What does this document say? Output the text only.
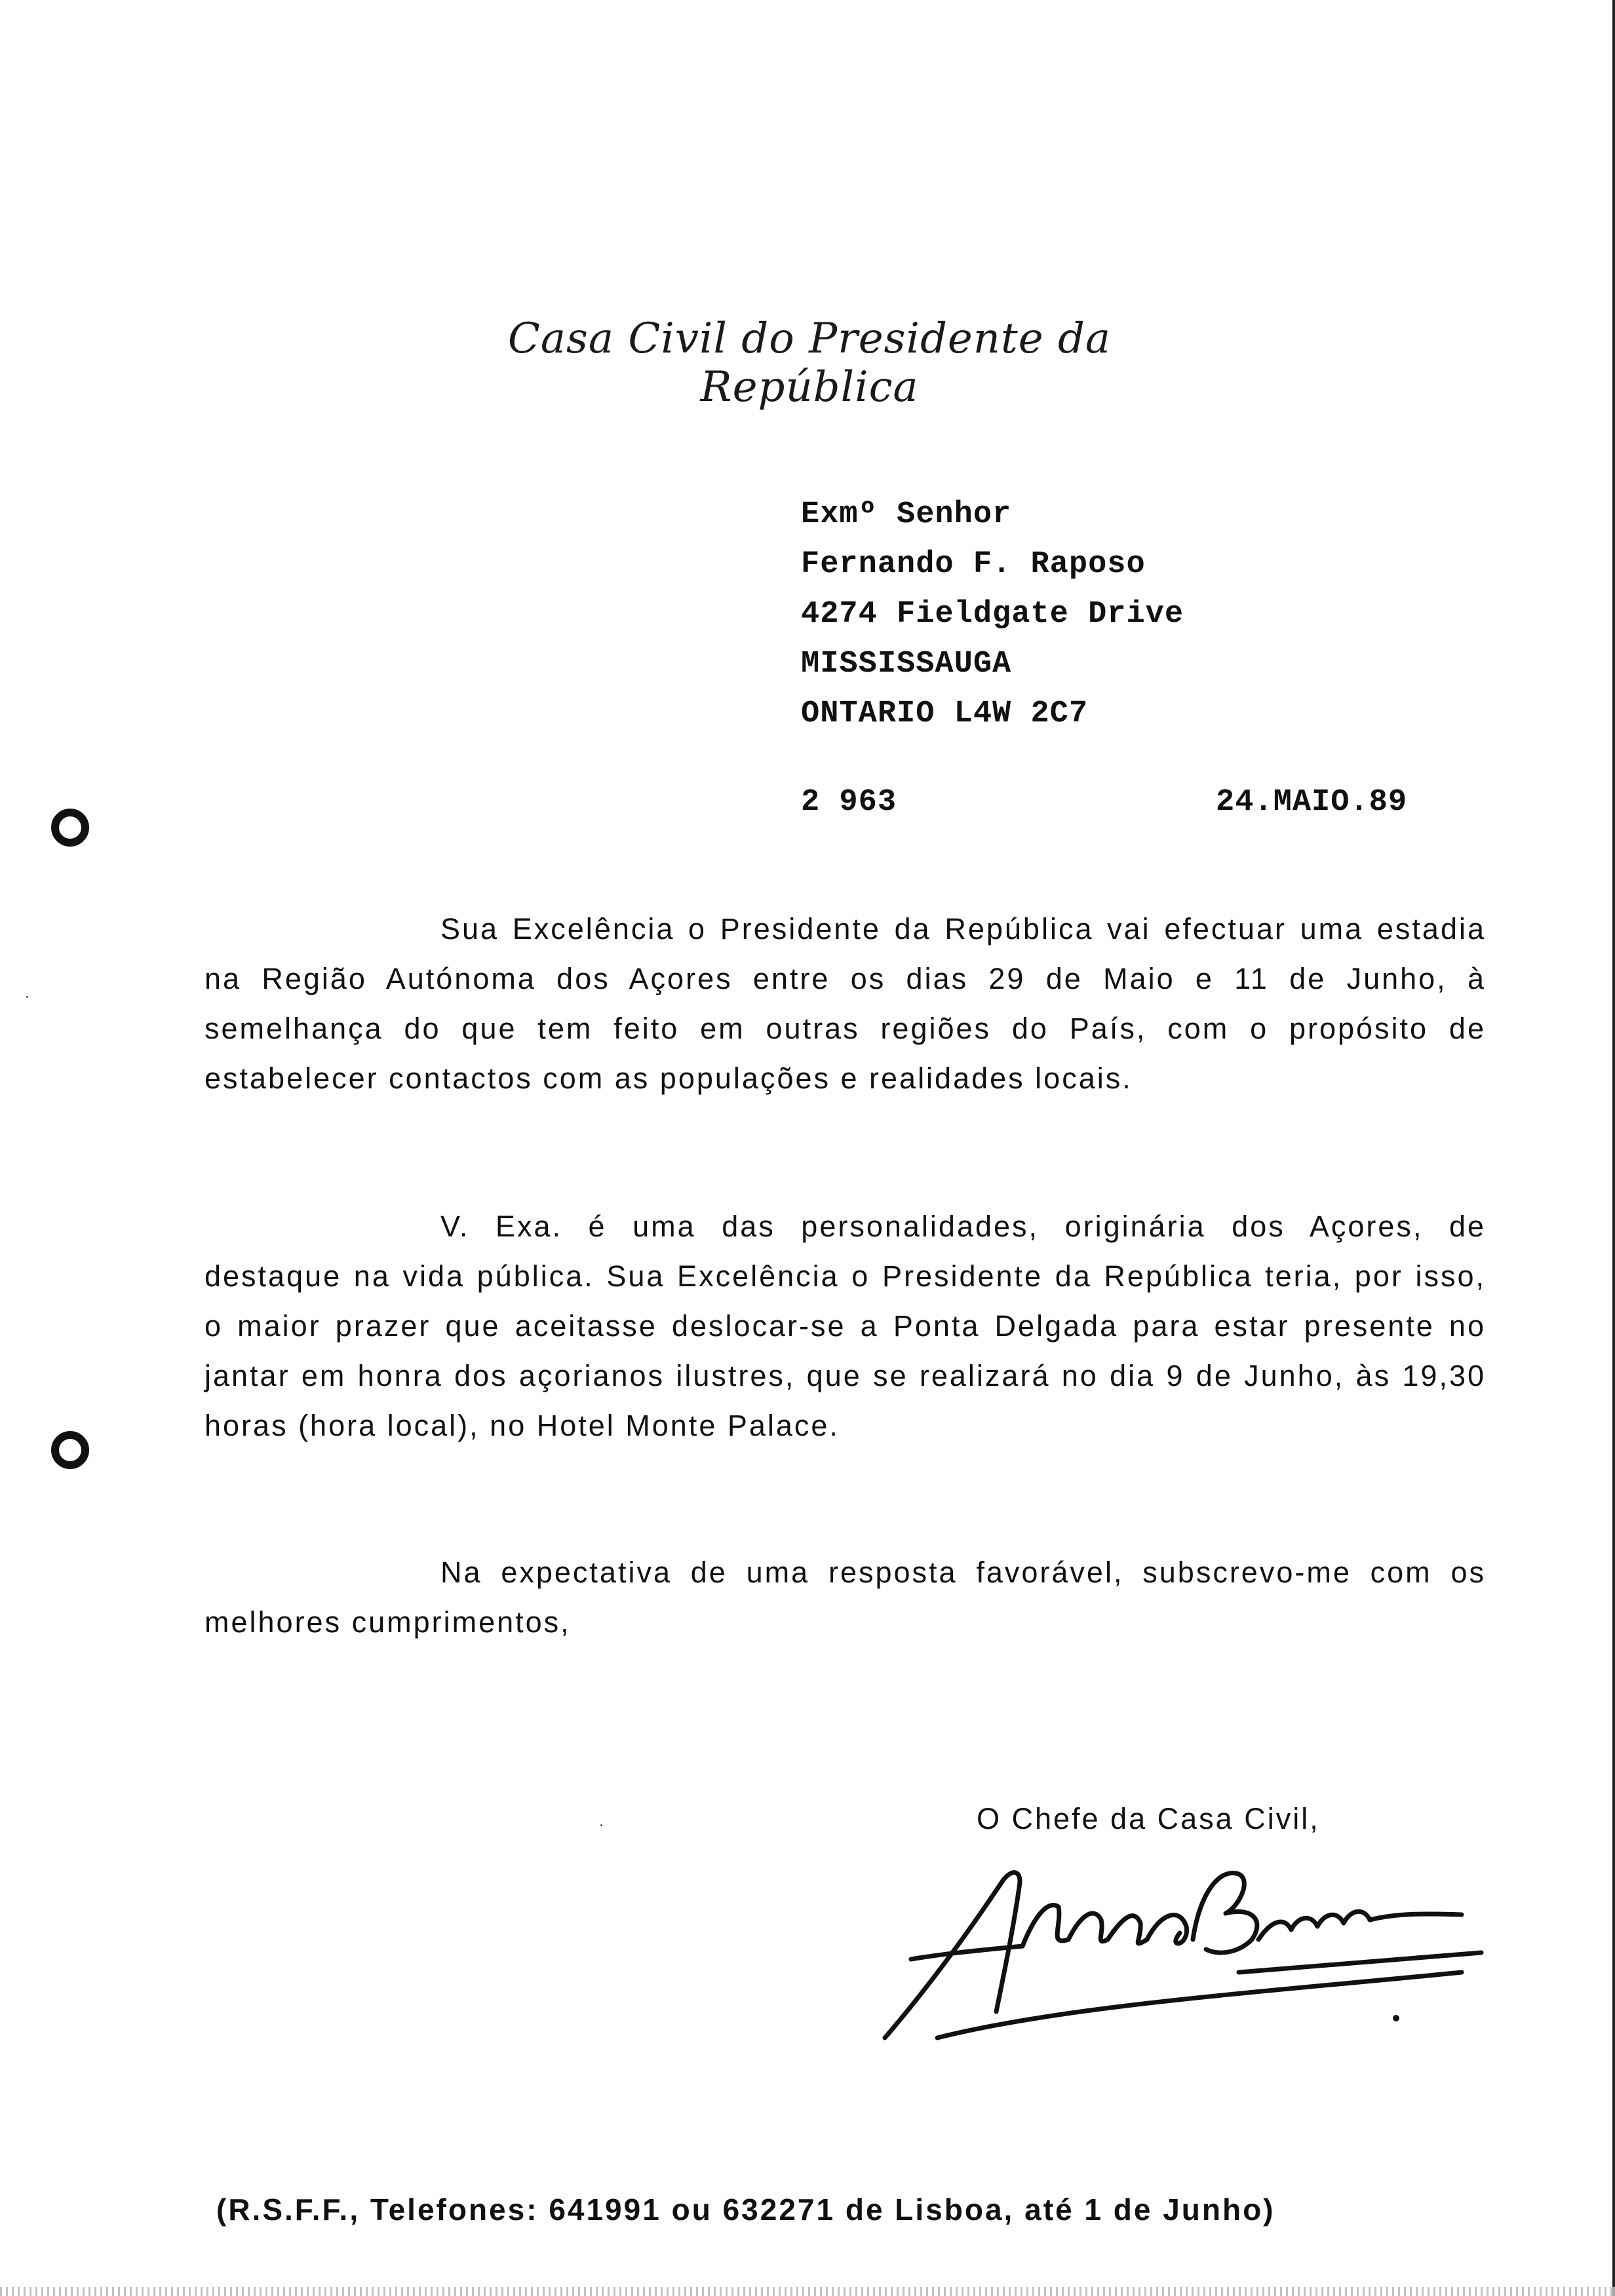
Casa Civil do Presidente da República
Exmº Senhor
Fernando F. Raposo
4274 Fieldgate Drive
MISSISSAUGA
ONTARIO L4W 2C7
2 963	24.MAIO.89
Sua Excelência o Presidente da República vai efectuar uma estadia na Região Autónoma dos Açores entre os dias 29 de Maio e 11 de Junho, à semelhança do que tem feito em outras regiões do País, com o propósito de estabelecer contactos com as populações e realidades locais.
V. Exa. é uma das personalidades, originária dos Açores, de destaque na vida pública. Sua Excelência o Presidente da República teria, por isso, o maior prazer que aceitasse deslocar-se a Ponta Delgada para estar presente no jantar em honra dos açorianos ilustres, que se realizará no dia 9 de Junho, às 19,30 horas (hora local), no Hotel Monte Palace.
Na expectativa de uma resposta favorável, subscrevo-me com os melhores cumprimentos,
O Chefe da Casa Civil,
(R.S.F.F., Telefones: 641991 ou 632271 de Lisboa, até 1 de Junho)
